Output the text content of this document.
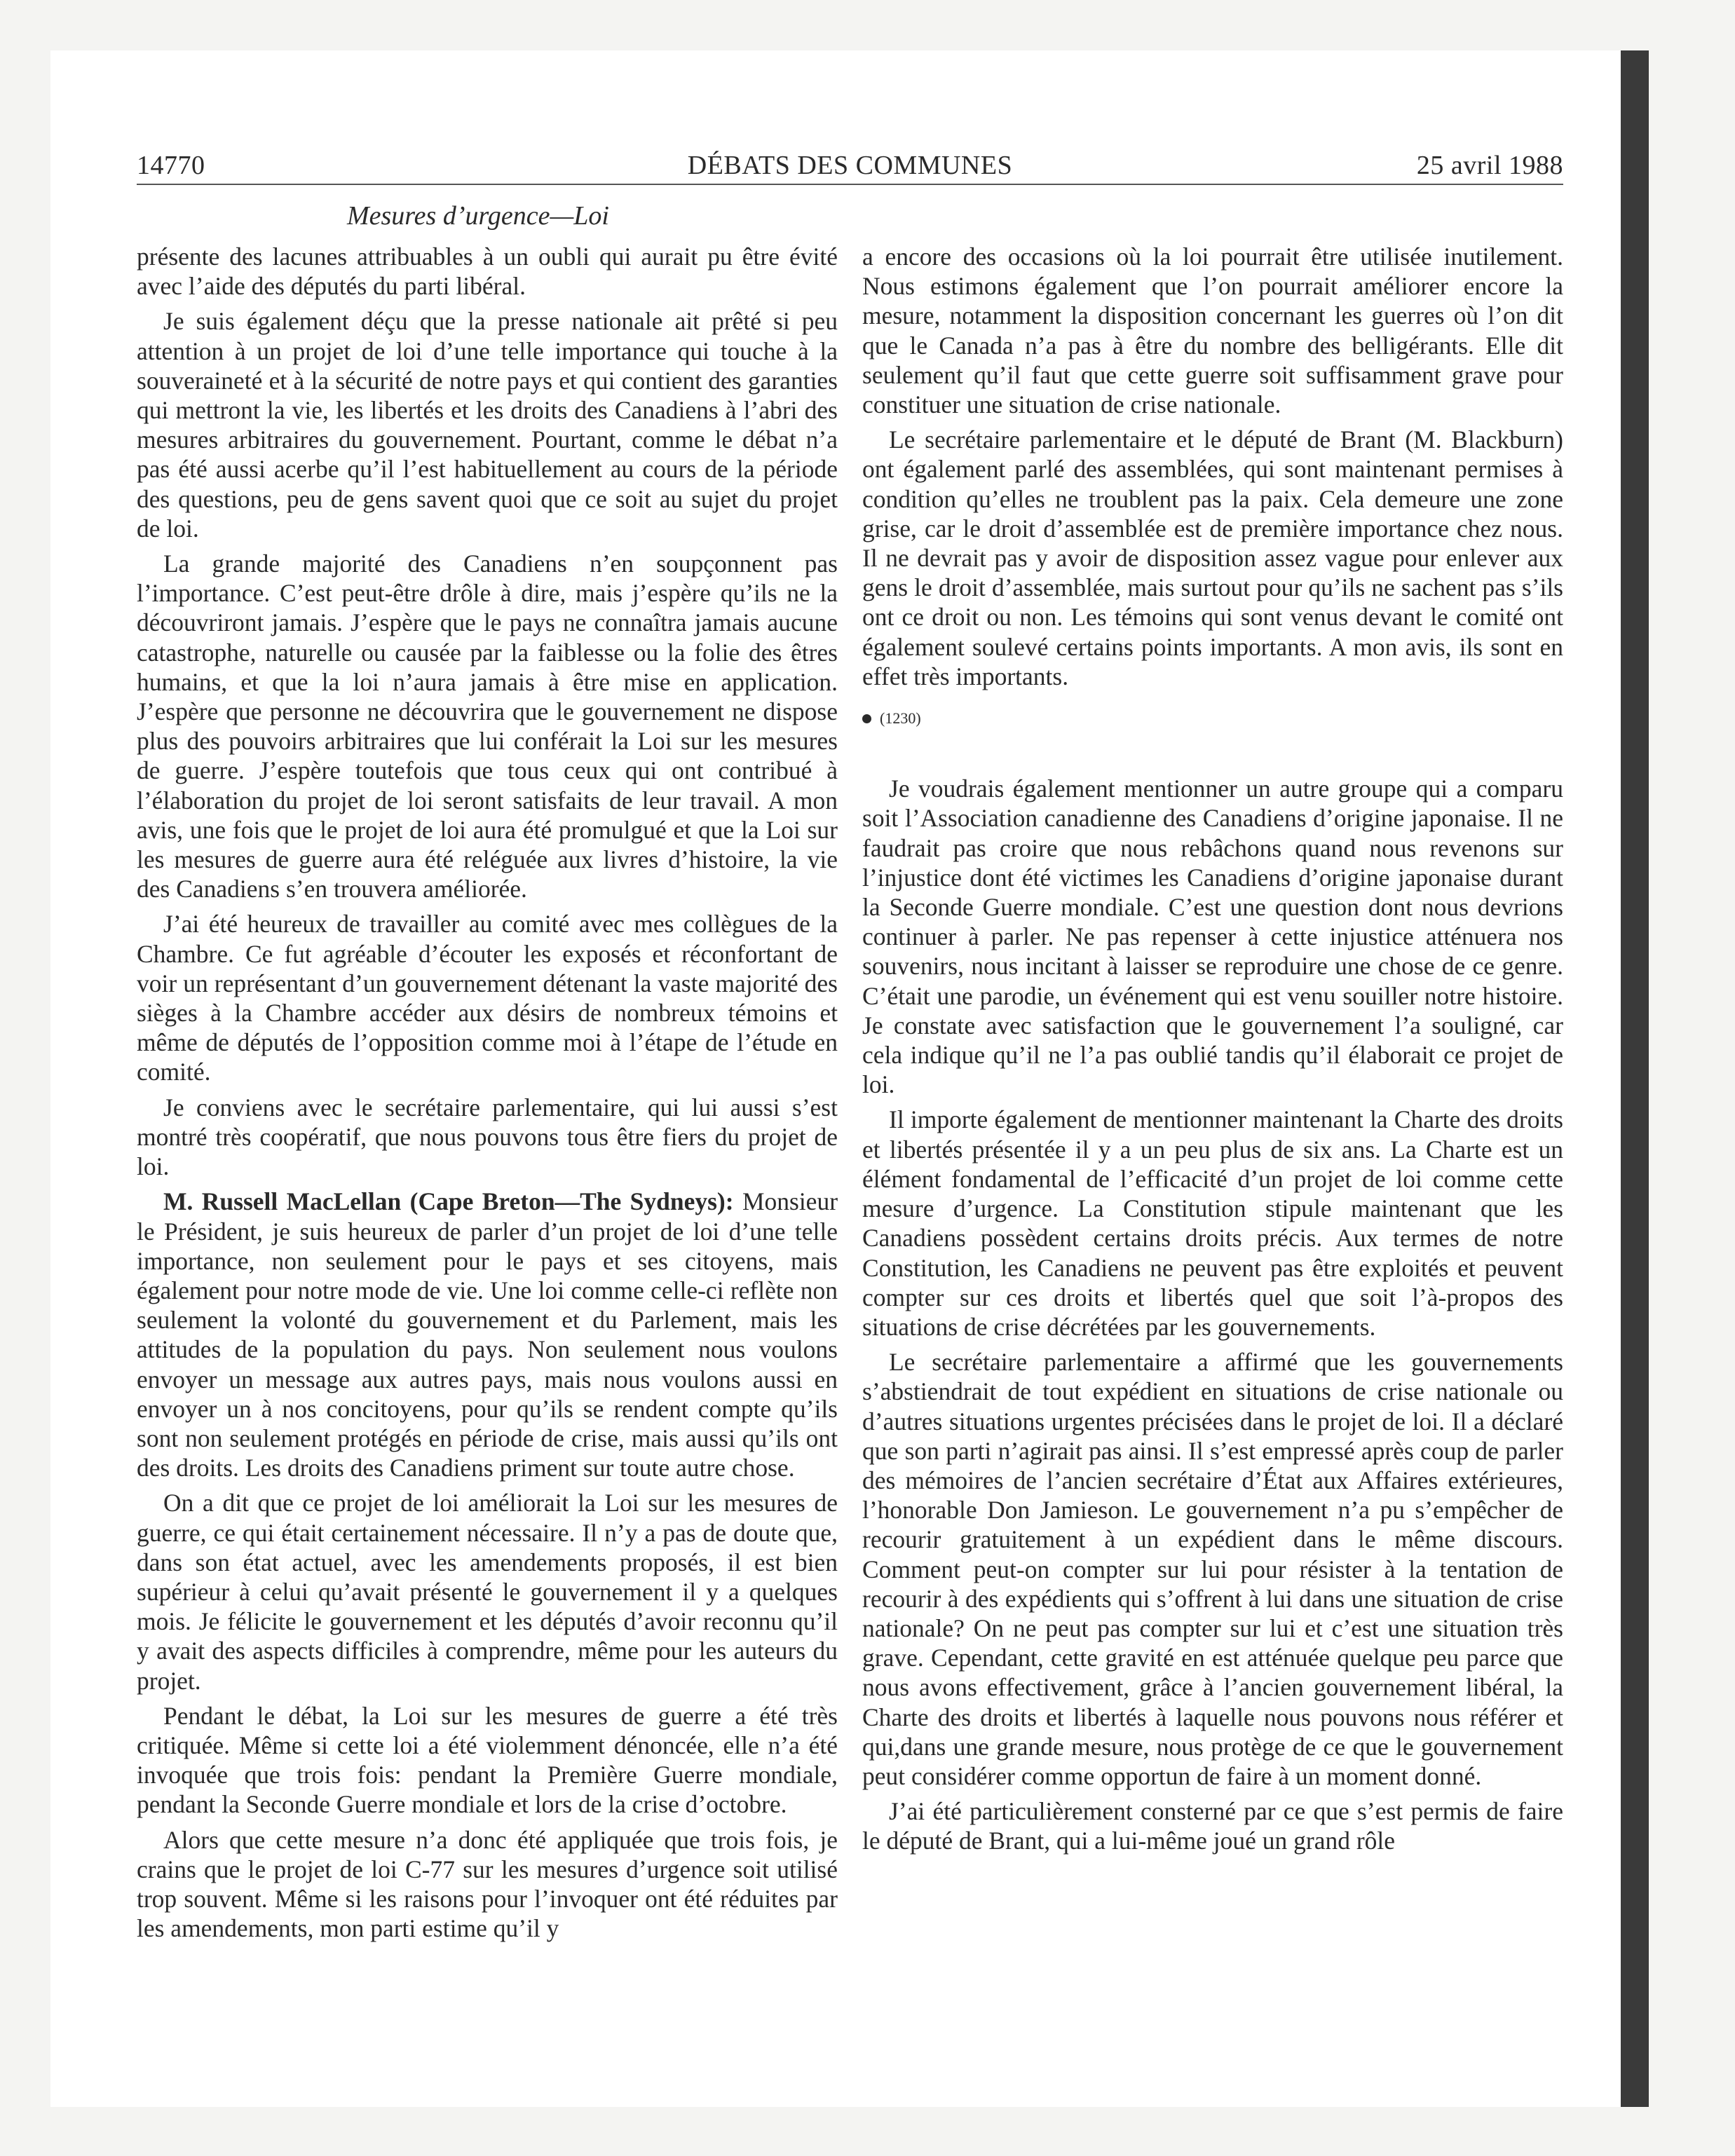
14770	DÉBATS DES COMMUNES	25 avril 1988
Mesures d’urgence—Loi

présente des lacunes attribuables à un oubli qui aurait pu être évité avec l’aide des députés du parti libéral.

Je suis également déçu que la presse nationale ait prêté si peu attention à un projet de loi d’une telle importance qui touche à la souveraineté et à la sécurité de notre pays et qui contient des garanties qui mettront la vie, les libertés et les droits des Canadiens à l’abri des mesures arbitraires du gouvernement. Pourtant, comme le débat n’a pas été aussi acerbe qu’il l’est habituellement au cours de la période des questions, peu de gens savent quoi que ce soit au sujet du projet de loi.

La grande majorité des Canadiens n’en soupçonnent pas l’importance. C’est peut-être drôle à dire, mais j’espère qu’ils ne la découvriront jamais. J’espère que le pays ne connaîtra jamais aucune catastrophe, naturelle ou causée par la faiblesse ou la folie des êtres humains, et que la loi n’aura jamais à être mise en application. J’espère que personne ne découvrira que le gouvernement ne dispose plus des pouvoirs arbitraires que lui conférait la Loi sur les mesures de guerre. J’espère toutefois que tous ceux qui ont contribué à l’élaboration du projet de loi seront satisfaits de leur travail. A mon avis, une fois que le projet de loi aura été promulgué et que la Loi sur les mesures de guerre aura été reléguée aux livres d’histoire, la vie des Canadiens s’en trouvera améliorée.

J’ai été heureux de travailler au comité avec mes collègues de la Chambre. Ce fut agréable d’écouter les exposés et réconfortant de voir un représentant d’un gouvernement détenant la vaste majorité des sièges à la Chambre accéder aux désirs de nombreux témoins et même de députés de l’opposition comme moi à l’étape de l’étude en comité.

Je conviens avec le secrétaire parlementaire, qui lui aussi s’est montré très coopératif, que nous pouvons tous être fiers du projet de loi.

M. Russell MacLellan (Cape Breton—The Sydneys): Monsieur le Président, je suis heureux de parler d’un projet de loi d’une telle importance, non seulement pour le pays et ses citoyens, mais également pour notre mode de vie. Une loi comme celle-ci reflète non seulement la volonté du gouvernement et du Parlement, mais les attitudes de la population du pays. Non seulement nous voulons envoyer un message aux autres pays, mais nous voulons aussi en envoyer un à nos concitoyens, pour qu’ils se rendent compte qu’ils sont non seulement protégés en période de crise, mais aussi qu’ils ont des droits. Les droits des Canadiens priment sur toute autre chose.

On a dit que ce projet de loi améliorait la Loi sur les mesures de guerre, ce qui était certainement nécessaire. Il n’y a pas de doute que, dans son état actuel, avec les amendements proposés, il est bien supérieur à celui qu’avait présenté le gouvernement il y a quelques mois. Je félicite le gouvernement et les députés d’avoir reconnu qu’il y avait des aspects difficiles à comprendre, même pour les auteurs du projet.

Pendant le débat, la Loi sur les mesures de guerre a été très critiquée. Même si cette loi a été violemment dénoncée, elle n’a été invoquée que trois fois: pendant la Première Guerre mondiale, pendant la Seconde Guerre mondiale et lors de la crise d’octobre.

Alors que cette mesure n’a donc été appliquée que trois fois, je crains que le projet de loi C-77 sur les mesures d’urgence soit utilisé trop souvent. Même si les raisons pour l’invoquer ont été réduites par les amendements, mon parti estime qu’il y

a encore des occasions où la loi pourrait être utilisée inutilement. Nous estimons également que l’on pourrait améliorer encore la mesure, notamment la disposition concernant les guerres où l’on dit que le Canada n’a pas à être du nombre des belligérants. Elle dit seulement qu’il faut que cette guerre soit suffisamment grave pour constituer une situation de crise nationale.

Le secrétaire parlementaire et le député de Brant (M. Blackburn) ont également parlé des assemblées, qui sont maintenant permises à condition qu’elles ne troublent pas la paix. Cela demeure une zone grise, car le droit d’assemblée est de première importance chez nous. Il ne devrait pas y avoir de disposition assez vague pour enlever aux gens le droit d’assemblée, mais surtout pour qu’ils ne sachent pas s’ils ont ce droit ou non. Les témoins qui sont venus devant le comité ont également soulevé certains points importants. A mon avis, ils sont en effet très importants.

(1230)

Je voudrais également mentionner un autre groupe qui a comparu soit l’Association canadienne des Canadiens d’origine japonaise. Il ne faudrait pas croire que nous rebâchons quand nous revenons sur l’injustice dont été victimes les Canadiens d’origine japonaise durant la Seconde Guerre mondiale. C’est une question dont nous devrions continuer à parler. Ne pas repenser à cette injustice atténuera nos souvenirs, nous incitant à laisser se reproduire une chose de ce genre. C’était une parodie, un événement qui est venu souiller notre histoire. Je constate avec satisfaction que le gouvernement l’a souligné, car cela indique qu’il ne l’a pas oublié tandis qu’il élaborait ce projet de loi.

Il importe également de mentionner maintenant la Charte des droits et libertés présentée il y a un peu plus de six ans. La Charte est un élément fondamental de l’efficacité d’un projet de loi comme cette mesure d’urgence. La Constitution stipule maintenant que les Canadiens possèdent certains droits précis. Aux termes de notre Constitution, les Canadiens ne peuvent pas être exploités et peuvent compter sur ces droits et libertés quel que soit l’à-propos des situations de crise décrétées par les gouvernements.

Le secrétaire parlementaire a affirmé que les gouvernements s’abstiendrait de tout expédient en situations de crise nationale ou d’autres situations urgentes précisées dans le projet de loi. Il a déclaré que son parti n’agirait pas ainsi. Il s’est empressé après coup de parler des mémoires de l’ancien secrétaire d’État aux Affaires extérieures, l’honorable Don Jamieson. Le gouvernement n’a pu s’empêcher de recourir gratuitement à un expédient dans le même discours. Comment peut-on compter sur lui pour résister à la tentation de recourir à des expédients qui s’offrent à lui dans une situation de crise nationale? On ne peut pas compter sur lui et c’est une situation très grave. Cependant, cette gravité en est atténuée quelque peu parce que nous avons effectivement, grâce à l’ancien gouvernement libéral, la Charte des droits et libertés à laquelle nous pouvons nous référer et qui,dans une grande mesure, nous protège de ce que le gouvernement peut considérer comme opportun de faire à un moment donné.

J’ai été particulièrement consterné par ce que s’est permis de faire le député de Brant, qui a lui-même joué un grand rôle
